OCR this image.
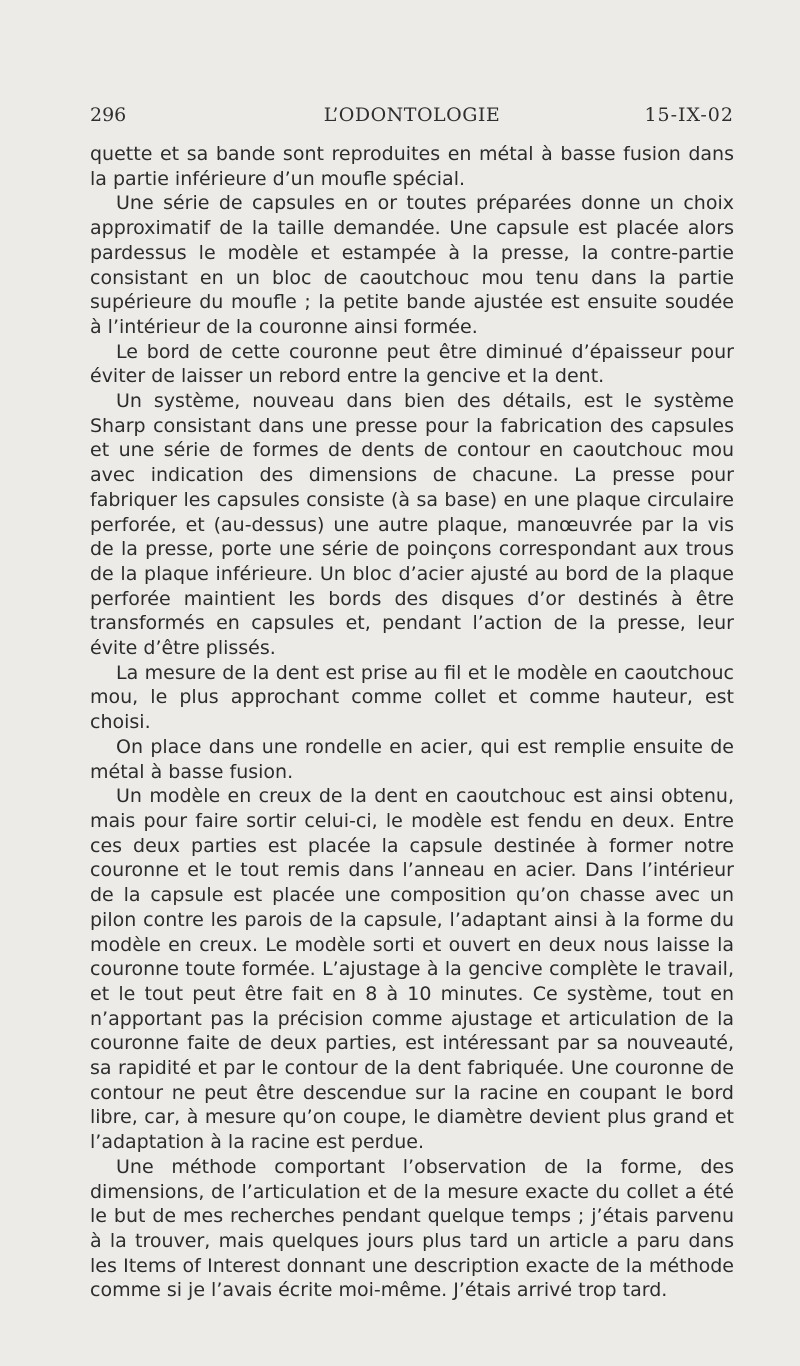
296	L’ODONTOLOGIE	15-IX-02

quette et sa bande sont reproduites en métal à basse fusion dans la partie inférieure d’un moufle spécial.

Une série de capsules en or toutes préparées donne un choix approximatif de la taille demandée. Une capsule est placée alors pardessus le modèle et estampée à la presse, la contre-partie consistant en un bloc de caoutchouc mou tenu dans la partie supérieure du moufle ; la petite bande ajustée est ensuite soudée à l’intérieur de la couronne ainsi formée.

Le bord de cette couronne peut être diminué d’épaisseur pour éviter de laisser un rebord entre la gencive et la dent.

Un système, nouveau dans bien des détails, est le système Sharp consistant dans une presse pour la fabrication des capsules et une série de formes de dents de contour en caoutchouc mou avec indication des dimensions de chacune. La presse pour fabriquer les capsules consiste (à sa base) en une plaque circulaire perforée, et (au-dessus) une autre plaque, manœuvrée par la vis de la presse, porte une série de poinçons correspondant aux trous de la plaque inférieure. Un bloc d’acier ajusté au bord de la plaque perforée maintient les bords des disques d’or destinés à être transformés en capsules et, pendant l’action de la presse, leur évite d’être plissés.

La mesure de la dent est prise au fil et le modèle en caoutchouc mou, le plus approchant comme collet et comme hauteur, est choisi.

On place dans une rondelle en acier, qui est remplie ensuite de métal à basse fusion.

Un modèle en creux de la dent en caoutchouc est ainsi obtenu, mais pour faire sortir celui-ci, le modèle est fendu en deux. Entre ces deux parties est placée la capsule destinée à former notre couronne et le tout remis dans l’anneau en acier. Dans l’intérieur de la capsule est placée une composition qu’on chasse avec un pilon contre les parois de la capsule, l’adaptant ainsi à la forme du modèle en creux. Le modèle sorti et ouvert en deux nous laisse la couronne toute formée. L’ajustage à la gencive complète le travail, et le tout peut être fait en 8 à 10 minutes. Ce système, tout en n’apportant pas la précision comme ajustage et articulation de la couronne faite de deux parties, est intéressant par sa nouveauté, sa rapidité et par le contour de la dent fabriquée. Une couronne de contour ne peut être descendue sur la racine en coupant le bord libre, car, à mesure qu’on coupe, le diamètre devient plus grand et l’adaptation à la racine est perdue.

Une méthode comportant l’observation de la forme, des dimensions, de l’articulation et de la mesure exacte du collet a été le but de mes recherches pendant quelque temps ; j’étais parvenu à la trouver, mais quelques jours plus tard un article a paru dans les Items of Interest donnant une description exacte de la méthode comme si je l’avais écrite moi-même. J’étais arrivé trop tard.
